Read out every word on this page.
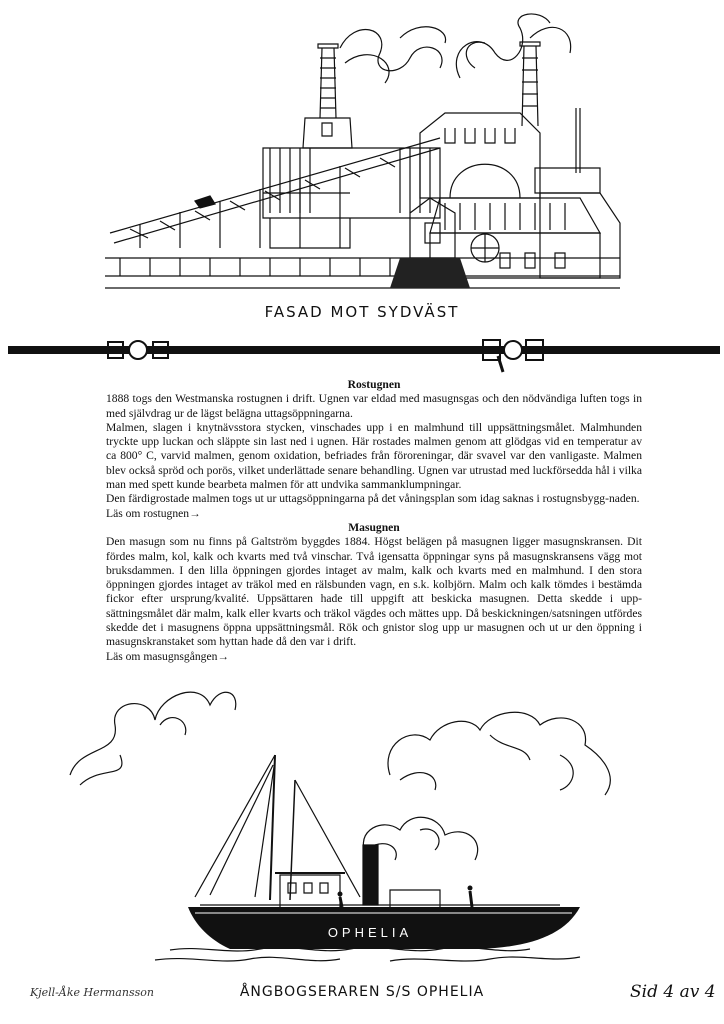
FASAD MOT SYDVÄST
Rostugnen

1888 togs den Westmanska rostugnen i drift. Ugnen var eldad med masugnsgas och den nödvändiga luften togs in med självdrag ur de lägst belägna uttagsöppningarna.

Malmen, slagen i knytnävsstora stycken, vinschades upp i en malmhund till uppsättningsmålet. Malmhunden tryckte upp luckan och släppte sin last ned i ugnen. Här rostades malmen genom att glödgas vid en temperatur av ca 800° C, varvid malmen, genom oxidation, befriades från föroreningar, där svavel var den vanligaste. Malmen blev också spröd och porös, vilket underlättade senare behandling. Ugnen var utrustad med luckförsedda hål i vilka man med spett kunde bearbeta malmen för att undvika sammanklumpningar.

Den färdigrostade malmen togs ut ur uttagsöppningarna på det våningsplan som idag saknas i rostugnsbygg-naden.

Läs om rostugnen→

Masugnen

Den masugn som nu finns på Galtström byggdes 1884. Högst belägen på masugnen ligger masugnskransen. Dit fördes malm, kol, kalk och kvarts med två vinschar. Två igensatta öppningar syns på masugnskransens vägg mot bruksdammen. I den lilla öppningen gjordes intaget av malm, kalk och kvarts med en malmhund. I den stora öppningen gjordes intaget av träkol med en rälsbunden vagn, en s.k. kolbjörn. Malm och kalk tömdes i bestämda fickor efter ursprung/kvalité. Uppsättaren hade till uppgift att beskicka masugnen. Detta skedde i upp-sättningsmålet där malm, kalk eller kvarts och träkol vägdes och mättes upp. Då beskickningen/satsningen utfördes skedde det i masugnens öppna uppsättningsmål. Rök och gnistor slog upp ur masugnen och ut ur den öppning i masugnskranstaket som hyttan hade då den var i drift.

Läs om masugnsgången→

OPHELIA
Kjell-Åke Hermansson	ÅNGBOGSERAREN S/S OPHELIA	Sid 4 av 4
